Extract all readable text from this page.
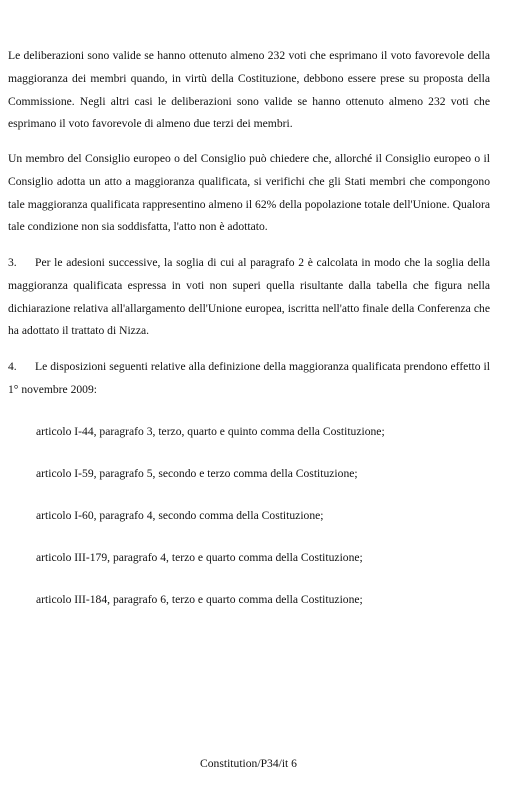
Le deliberazioni sono valide se hanno ottenuto almeno 232 voti che esprimano il voto favorevole della maggioranza dei membri quando, in virtù della Costituzione, debbono essere prese su proposta della Commissione. Negli altri casi le deliberazioni sono valide se hanno ottenuto almeno 232 voti che esprimano il voto favorevole di almeno due terzi dei membri.

Un membro del Consiglio europeo o del Consiglio può chiedere che, allorché il Consiglio europeo o il Consiglio adotta un atto a maggioranza qualificata, si verifichi che gli Stati membri che compongono tale maggioranza qualificata rappresentino almeno il 62% della popolazione totale dell'Unione. Qualora tale condizione non sia soddisfatta, l'atto non è adottato.

3. Per le adesioni successive, la soglia di cui al paragrafo 2 è calcolata in modo che la soglia della maggioranza qualificata espressa in voti non superi quella risultante dalla tabella che figura nella dichiarazione relativa all'allargamento dell'Unione europea, iscritta nell'atto finale della Conferenza che ha adottato il trattato di Nizza.

4. Le disposizioni seguenti relative alla definizione della maggioranza qualificata prendono effetto il 1° novembre 2009:

articolo I-44, paragrafo 3, terzo, quarto e quinto comma della Costituzione;

articolo I-59, paragrafo 5, secondo e terzo comma della Costituzione;

articolo I-60, paragrafo 4, secondo comma della Costituzione;

articolo III-179, paragrafo 4, terzo e quarto comma della Costituzione;

articolo III-184, paragrafo 6, terzo e quarto comma della Costituzione;

Constitution/P34/it 6
